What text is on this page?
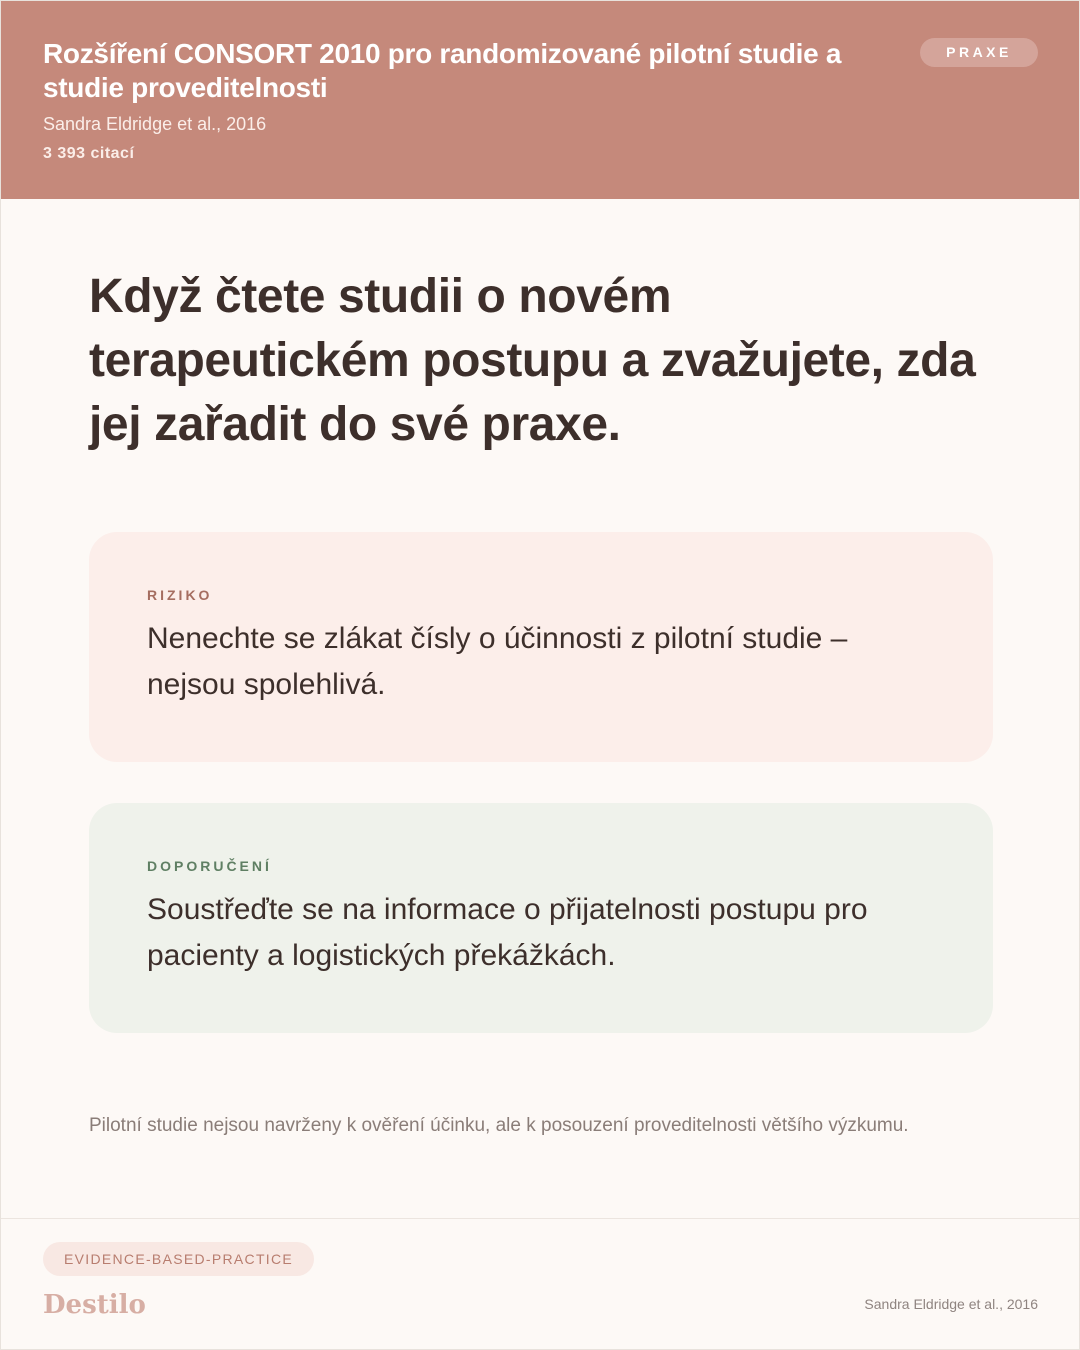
Rozšíření CONSORT 2010 pro randomizované pilotní studie a studie proveditelnosti
Sandra Eldridge et al., 2016
3 393 citací
PRAXE
Když čtete studii o novém terapeutickém postupu a zvažujete, zda jej zařadit do své praxe.
RIZIKO

Nenechte se zlákat čísly o účinnosti z pilotní studie – nejsou spolehlivá.

DOPORUČENÍ

Soustřeďte se na informace o přijatelnosti postupu pro pacienty a logistických překážkách.

Pilotní studie nejsou navrženy k ověření účinku, ale k posouzení proveditelnosti většího výzkumu.
EVIDENCE-BASED-PRACTICE
Destilo	Sandra Eldridge et al., 2016
